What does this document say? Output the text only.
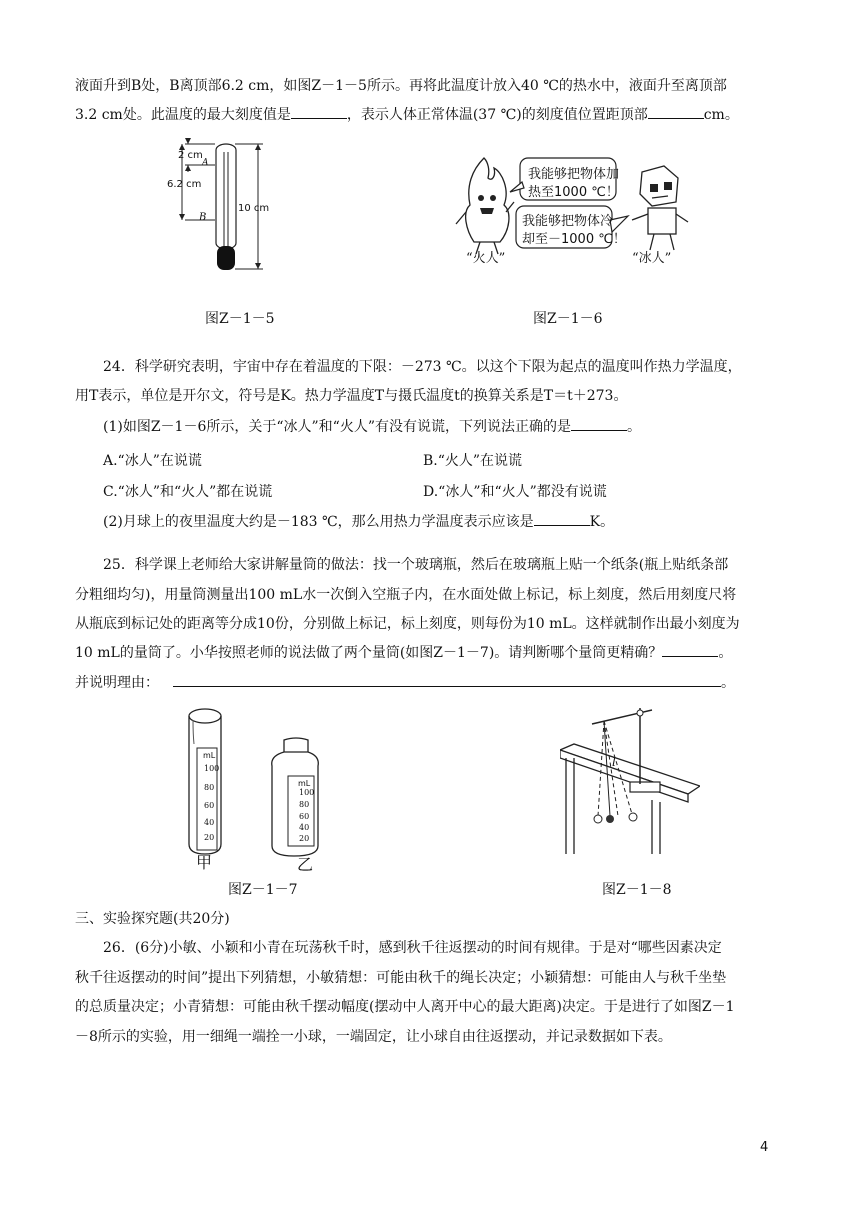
液面升到B处，B离顶部6.2 cm，如图Z－1－5所示。再将此温度计放入40 ℃的热水中，液面升至离顶部
3.2 cm处。此温度的最大刻度值是	，表示人体正常体温(37 ℃)的刻度值位置距顶部	cm。
2 cm
6.2 cm
A
B
10 cm
图Z－1－5
我能够把物体加
热至1000 ℃！
我能够把物体冷
却至－1000 ℃！
“火人”	“冰人”
图Z－1－6
24．科学研究表明，宇宙中存在着温度的下限：－273 ℃。以这个下限为起点的温度叫作热力学温度，
用T表示，单位是开尔文，符号是K。热力学温度T与摄氏温度t的换算关系是T＝t＋273。
(1)如图Z－1－6所示，关于“冰人”和“火人”有没有说谎，下列说法正确的是	。
A.“冰人”在说谎	B.“火人”在说谎
C.“冰人”和“火人”都在说谎	D.“冰人”和“火人”都没有说谎
(2)月球上的夜里温度大约是－183 ℃，那么用热力学温度表示应该是	K。
25．科学课上老师给大家讲解量筒的做法：找一个玻璃瓶，然后在玻璃瓶上贴一个纸条(瓶上贴纸条部
分粗细均匀)，用量筒测量出100 mL水一次倒入空瓶子内，在水面处做上标记，标上刻度，然后用刻度尺将
从瓶底到标记处的距离等分成10份，分别做上标记，标上刻度，则每份为10 mL。这样就制作出最小刻度为
10 mL的量筒了。小华按照老师的说法做了两个量筒(如图Z－1－7)。请判断哪个量筒更精确？	。
并说明理由：	。
mL
mL
100
80
60
40
20
100
80
60
40
20
甲	乙
图Z－1－7
l
图Z－1－8
三、实验探究题(共20分)
26．(6分)小敏、小颖和小青在玩荡秋千时，感到秋千往返摆动的时间有规律。于是对“哪些因素决定
秋千往返摆动的时间”提出下列猜想，小敏猜想：可能由秋千的绳长决定；小颖猜想：可能由人与秋千坐垫
的总质量决定；小青猜想：可能由秋千摆动幅度(摆动中人离开中心的最大距离)决定。于是进行了如图Z－1
－8所示的实验，用一细绳一端拴一小球，一端固定，让小球自由往返摆动，并记录数据如下表。
4
